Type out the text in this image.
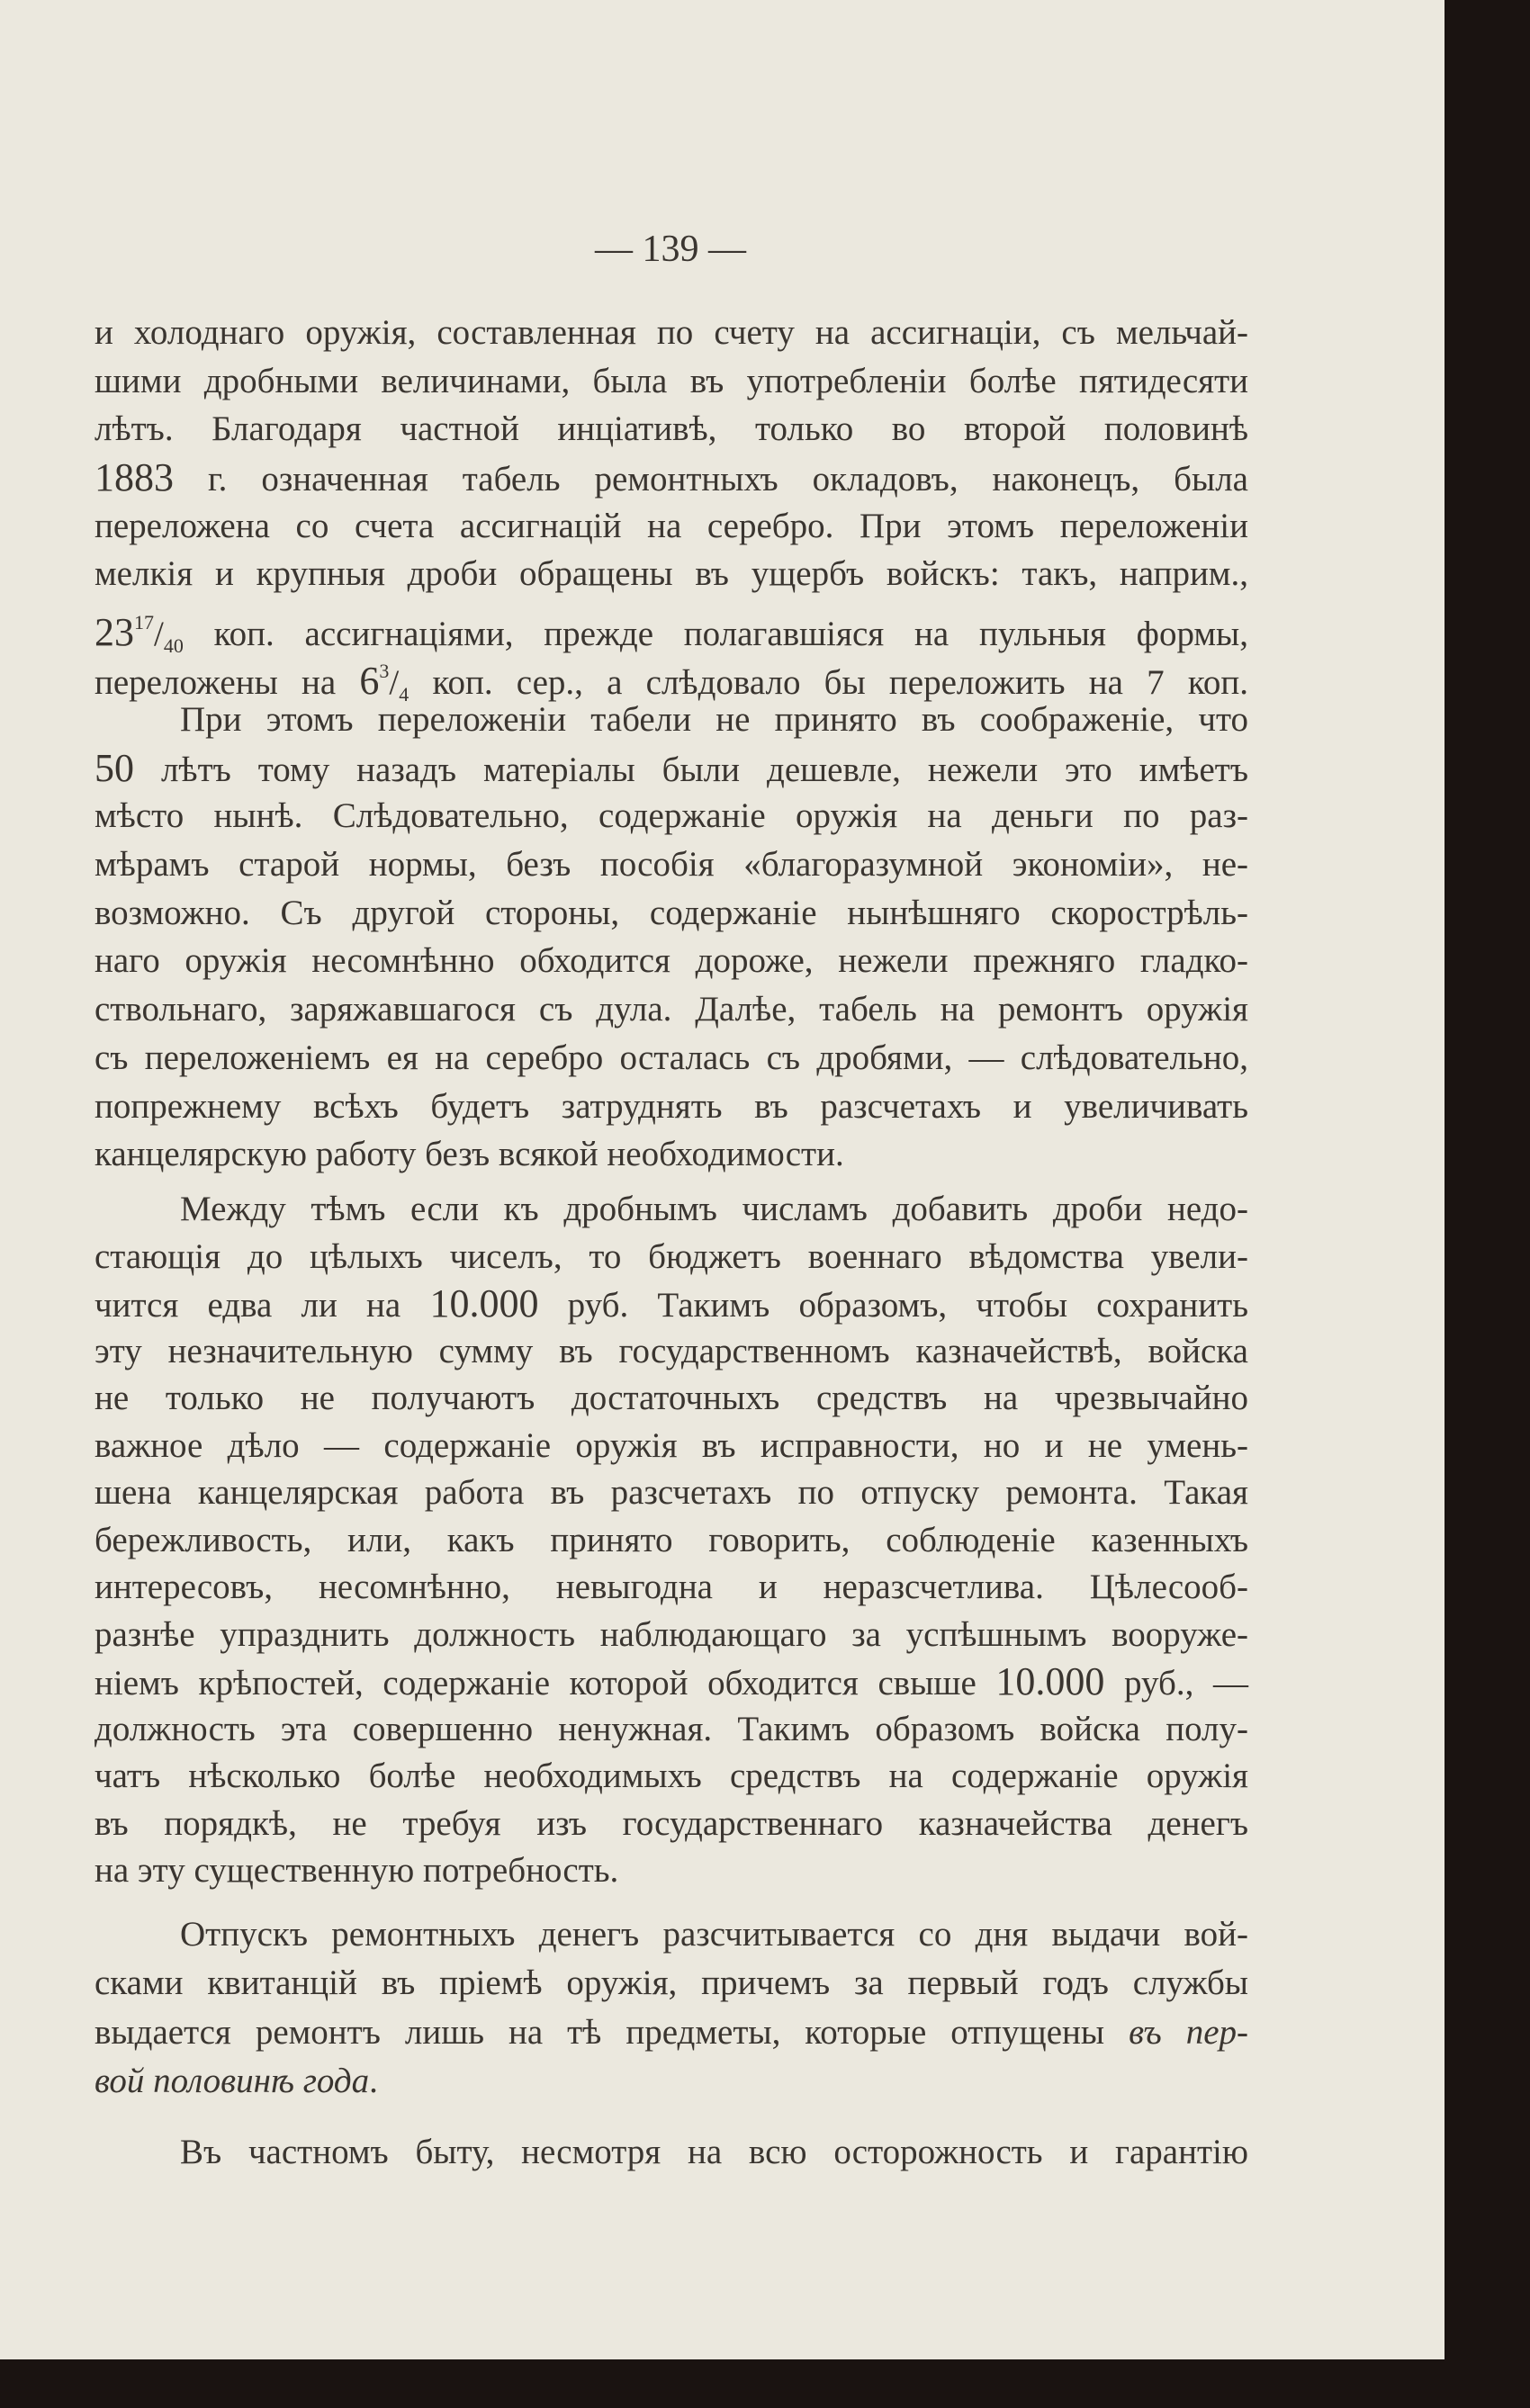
— 139 —
и холоднаго оружія, составленная по счету на ассигнаціи, съ мельчай-
шими дробными величинами, была въ употребленіи болѣе пятидесяти
лѣтъ. Благодаря частной инціативѣ, только во второй половинѣ
1883 г. означенная табель ремонтныхъ окладовъ, наконецъ, была
переложена со счета ассигнацій на серебро. При этомъ переложеніи
мелкія и крупныя дроби обращены въ ущербъ войскъ: такъ, наприм.,
$23^{17}/_{40}$ коп. ассигнаціями, прежде полагавшіяся на пульныя формы,
переложены на $6^3/_4$ коп. сер., а слѣдовало бы переложить на 7 коп.
При этомъ переложеніи табели не принято въ соображеніе, что
50 лѣтъ тому назадъ матеріалы были дешевле, нежели это имѣетъ
мѣсто нынѣ. Слѣдовательно, содержаніе оружія на деньги по раз-
мѣрамъ старой нормы, безъ пособія «благоразумной экономіи», не-
возможно. Съ другой стороны, содержаніе нынѣшняго скорострѣль-
наго оружія несомнѣнно обходится дороже, нежели прежняго гладко-
ствольнаго, заряжавшагося съ дула. Далѣе, табель на ремонтъ оружія
съ переложеніемъ ея на серебро осталась съ дробями, — слѣдовательно,
попрежнему всѣхъ будетъ затруднять въ разсчетахъ и увеличивать
канцелярскую работу безъ всякой необходимости.
Между тѣмъ если къ дробнымъ числамъ добавить дроби недо-
стающія до цѣлыхъ чиселъ, то бюджетъ военнаго вѣдомства увели-
чится едва ли на 10.000 руб. Такимъ образомъ, чтобы сохранить
эту незначительную сумму въ государственномъ казначействѣ, войска
не только не получаютъ достаточныхъ средствъ на чрезвычайно
важное дѣло — содержаніе оружія въ исправности, но и не умень-
шена канцелярская работа въ разсчетахъ по отпуску ремонта. Такая
бережливость, или, какъ принято говорить, соблюденіе казенныхъ
интересовъ, несомнѣнно, невыгодна и неразсчетлива. Цѣлесооб-
разнѣе упразднить должность наблюдающаго за успѣшнымъ вооруже-
ніемъ крѣпостей, содержаніе которой обходится свыше 10.000 руб., —
должность эта совершенно ненужная. Такимъ образомъ войска полу-
чатъ нѣсколько болѣе необходимыхъ средствъ на содержаніе оружія
въ порядкѣ, не требуя изъ государственнаго казначейства денегъ
на эту существенную потребность.
Отпускъ ремонтныхъ денегъ разсчитывается со дня выдачи вой-
сками квитанцій въ пріемѣ оружія, причемъ за первый годъ службы
выдается ремонтъ лишь на тѣ предметы, которые отпущены въ пер-
вой половинѣ года.
Въ частномъ быту, несмотря на всю осторожность и гарантію
